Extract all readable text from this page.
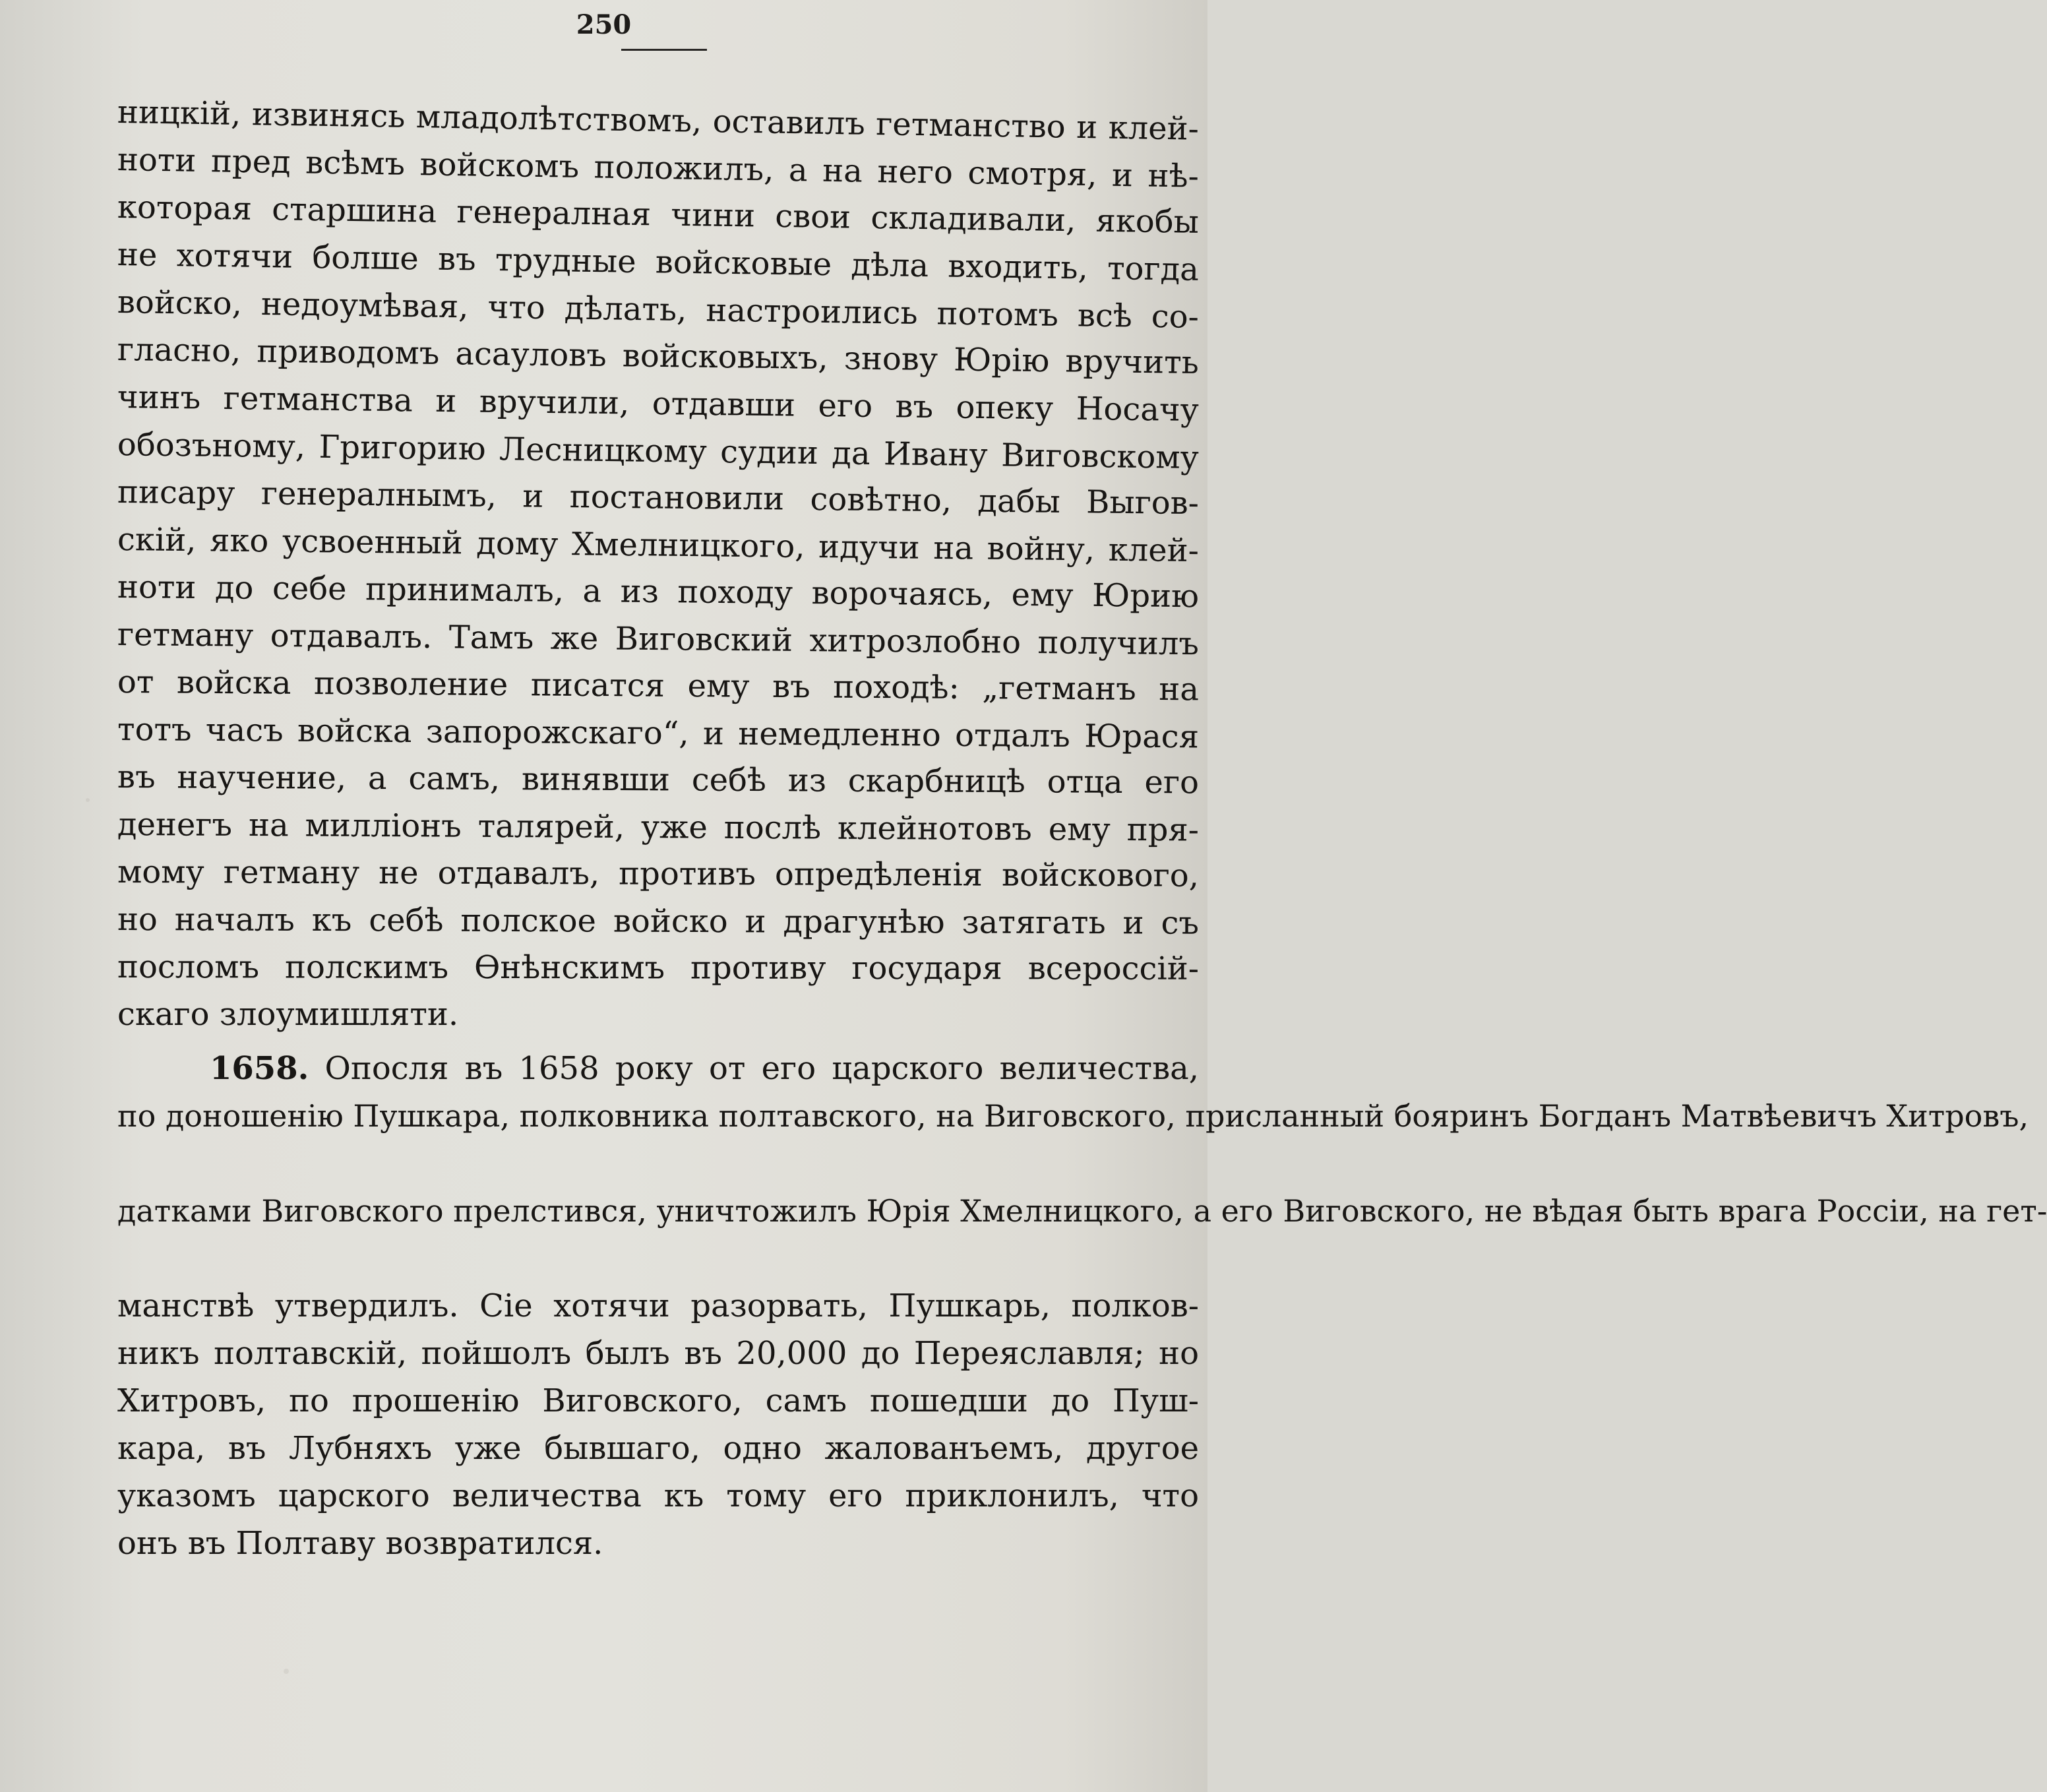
250
ницкій, извинясь младолѣтствомъ, оставилъ гетманство и клей-
ноти пред всѣмъ войскомъ положилъ, а на него смотря, и нѣ-
которая старшина генералная чини свои складивали, якобы
не хотячи болше въ трудные войсковые дѣла входить, тогда
войско, недоумѣвая, что дѣлать, настроились потомъ всѣ со-
гласно, приводомъ асауловъ войсковыхъ, знову Юрію вручить
чинъ гетманства и вручили, отдавши его въ опеку Носачу
обозъному, Григорию Лесницкому судии да Ивану Виговскому
писару генералнымъ, и постановили совѣтно, дабы Выгов-
скій, яко усвоенный дому Хмелницкого, идучи на войну, клей-
ноти до себе принималъ, а из походу ворочаясь, ему Юрию
гетману отдавалъ. Тамъ же Виговский хитрозлобно получилъ
от войска позволение писатся ему въ походѣ: „гетманъ на
тотъ часъ войска запорожскаго“, и немедленно отдалъ Юрася
въ научение, а самъ, винявши себѣ из скарбницѣ отца его
денегъ на милліонъ талярей, уже послѣ клейнотовъ ему пря-
мому гетману не отдавалъ, противъ опредѣленія войскового,
но началъ къ себѣ полское войско и драгунѣю затягать и съ
посломъ полскимъ Ѳнѣнскимъ противу государя всероссій-
скаго злоумишляти.
1658. Опосля въ 1658 року от его царского величества,
по доношенію Пушкара, полковника полтавского, на Виговского, присланный бояринъ Богданъ Матвѣевичъ Хитровъ,
датками Виговского прелстився, уничтожилъ Юрія Хмелницкого, а его Виговского, не вѣдая быть врага Россіи, на гет-
манствѣ утвердилъ. Сіе хотячи разорвать, Пушкарь, полков-
никъ полтавскій, пойшолъ былъ въ 20,000 до Переяславля; но
Хитровъ, по прошенію Виговского, самъ пошедши до Пуш-
кара, въ Лубняхъ уже бывшаго, одно жалованъемъ, другое
указомъ царского величества къ тому его приклонилъ, что
онъ въ Полтаву возвратился.
